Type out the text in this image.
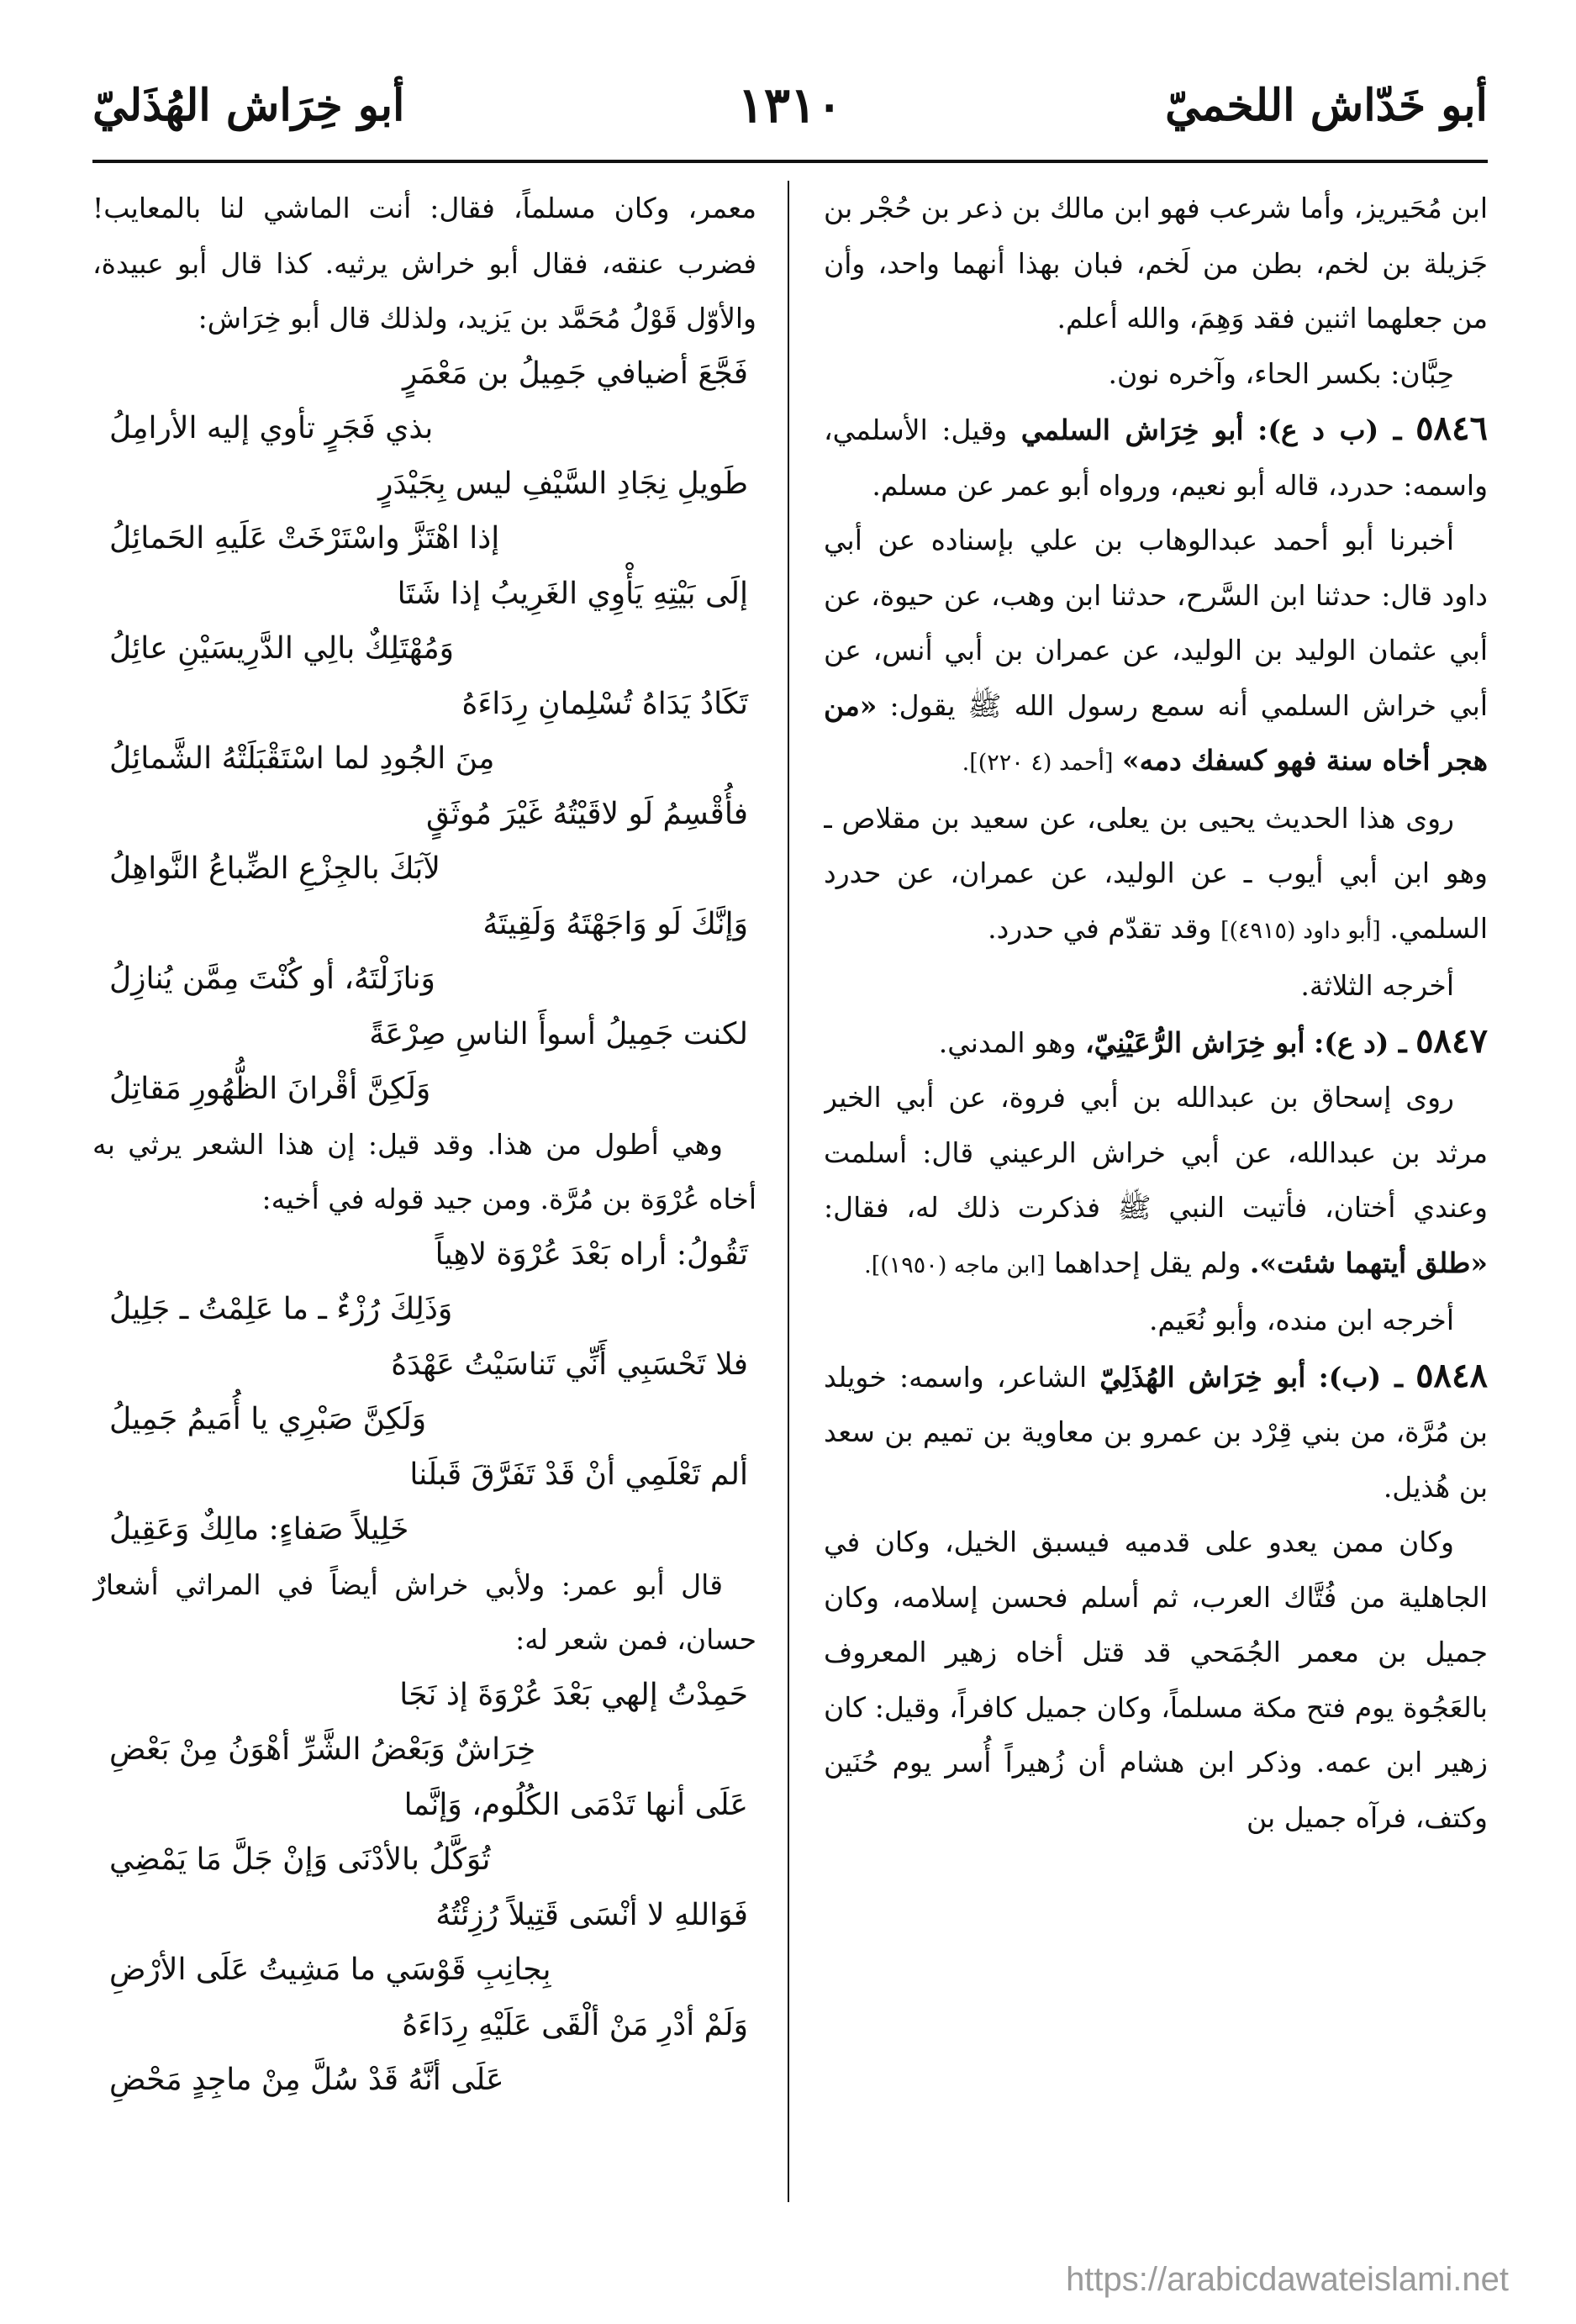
أبو خَدّاش اللخميّ
١٣١٠
أبو خِرَاش الهُذَليّ

ابن مُحَيريز، وأما شرعب فهو ابن مالك بن ذعر بن حُجْر بن جَزيلة بن لخم، بطن من لَخم، فبان بهذا أنهما واحد، وأن من جعلهما اثنين فقد وَهِمَ، والله أعلم.

حِبَّان: بكسر الحاء، وآخره نون.

٥٨٤٦ ـ (ب د ع): أبو خِرَاش السلمي وقيل: الأسلمي، واسمه: حدرد، قاله أبو نعيم، ورواه أبو عمر عن مسلم.

أخبرنا أبو أحمد عبدالوهاب بن علي بإسناده عن أبي داود قال: حدثنا ابن السَّرح، حدثنا ابن وهب، عن حيوة، عن أبي عثمان الوليد بن الوليد، عن عمران بن أبي أنس، عن أبي خراش السلمي أنه سمع رسول الله ﷺ يقول: «من هجر أخاه سنة فهو كسفك دمه» [أحمد (٤ ٢٢٠)].

روى هذا الحديث يحيى بن يعلى، عن سعيد بن مقلاص ـ وهو ابن أبي أيوب ـ عن الوليد، عن عمران، عن حدرد السلمي. [أبو داود (٤٩١٥)] وقد تقدّم في حدرد.

أخرجه الثلاثة.

٥٨٤٧ ـ (د ع): أبو خِرَاش الرُّعَيْنِيّ، وهو المدني.

روى إسحاق بن عبدالله بن أبي فروة، عن أبي الخير مرثد بن عبدالله، عن أبي خراش الرعيني قال: أسلمت وعندي أختان، فأتيت النبي ﷺ فذكرت ذلك له، فقال: «طلق أيتهما شئت». ولم يقل إحداهما [ابن ماجه (١٩٥٠)].

أخرجه ابن منده، وأبو نُعَيم.

٥٨٤٨ ـ (ب): أبو خِرَاش الهُذَلِيّ الشاعر، واسمه: خويلد بن مُرَّة، من بني قِرْد بن عمرو بن معاوية بن تميم بن سعد بن هُذيل.

وكان ممن يعدو على قدميه فيسبق الخيل، وكان في الجاهلية من فُتَّاك العرب، ثم أسلم فحسن إسلامه، وكان جميل بن معمر الجُمَحي قد قتل أخاه زهير المعروف بالعَجُوة يوم فتح مكة مسلماً، وكان جميل كافراً، وقيل: كان زهير ابن عمه. وذكر ابن هشام أن زُهيراً أُسر يوم حُنَين وكتف، فرآه جميل بن

معمر، وكان مسلماً، فقال: أنت الماشي لنا بالمعايب! فضرب عنقه، فقال أبو خراش يرثيه. كذا قال أبو عبيدة، والأوّل قَوْلُ مُحَمَّد بن يَزيد، ولذلك قال أبو خِرَاش:

فَجَّعَ أضيافي جَمِيلُ بن مَعْمَرٍ
بذي فَجَرٍ تأوي إليه الأرامِلُ
طَويلِ نِجَادِ السَّيْفِ ليس بِجَيْدَرٍ
إذا اهْتَزَّ واسْتَرْخَتْ عَلَيهِ الحَمائِلُ
إلَى بَيْتِهِ يَأْوِي الغَرِيبُ إذا شَتَا
وَمُهْتَلِكٌ بالِي الدَّرِيسَيْنِ عائِلُ
تَكَادُ يَدَاهُ تُسْلِمانِ رِدَاءَهُ
مِنَ الجُودِ لما اسْتَقْبَلَتْهُ الشَّمائِلُ
فأُقْسِمُ لَو لاقَيْتُهُ غَيْرَ مُوثَقٍ
لآبَكَ بالجِزْعِ الضِّباعُ النَّواهِلُ
وَإنَّكَ لَو وَاجَهْتَهُ وَلَقِيتَهُ
وَنازَلْتَهُ، أو كُنْتَ مِمَّن يُنازِلُ
لكنت جَمِيلُ أسوأَ الناسِ صِرْعَةً
وَلَكِنَّ أقْرانَ الظُّهُورِ مَقاتِلُ

وهي أطول من هذا. وقد قيل: إن هذا الشعر يرثي به أخاه عُرْوَة بن مُرَّة. ومن جيد قوله في أخيه:

تَقُولُ: أراه بَعْدَ عُرْوَة لاهِياً
وَذَلِكَ رُزْءٌ ـ ما عَلِمْتُ ـ جَلِيلُ
فلا تَحْسَبِي أَنِّي تَناسَيْتُ عَهْدَهُ
وَلَكِنَّ صَبْرِي يا أُمَيمُ جَمِيلُ
ألم تَعْلَمِي أنْ قَدْ تَفَرَّقَ قَبلَنا
خَلِيلاً صَفاءٍ: مالِكٌ وَعَقِيلُ

قال أبو عمر: ولأبي خراش أيضاً في المراثي أشعارٌ حسان، فمن شعر له:

حَمِدْتُ إلهي بَعْدَ عُرْوَةَ إذ نَجَا
خِرَاشٌ وَبَعْضُ الشَّرِّ أهْوَنُ مِنْ بَعْضِ
عَلَى أنها تَدْمَى الكُلُوم، وَإنَّما
تُوَكَّلُ بالأدْنَى وَإنْ جَلَّ مَا يَمْضِي
فَوَاللهِ لا أنْسَى قَتِيلاً رُزِئْتُهُ
بِجانِبِ قَوْسَي ما مَشِيتُ عَلَى الأرْضِ
وَلَمْ أدْرِ مَنْ ألْقَى عَلَيْهِ رِدَاءَهُ
عَلَى أنَّهُ قَدْ سُلَّ مِنْ ماجِدٍ مَحْضِ
https://arabicdawateislami.net
